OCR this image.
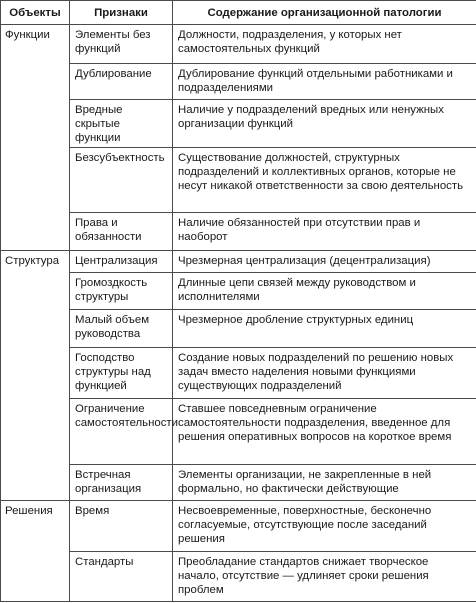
Объекты	Признаки	Содержание организационной патологии
Функции	Элементы без функций	Должности, подразделения, у которых нет самостоятельных функций
	Дублирование	Дублирование функций отдельными работниками и подразделениями
	Вредные скрытые функции	Наличие у подразделений вредных или ненужных организации функций
	Безсубъектность	Существование должностей, структурных подразделений и коллективных органов, которые не несут никакой ответственности за свою деятельность
	Права и обязанности	Наличие обязанностей при отсутствии прав и наоборот
Структура	Централизация	Чрезмерная централизация (децентрализация)
	Громоздкость структуры	Длинные цепи связей между руководством и исполнителями
	Малый объем руководства	Чрезмерное дробление структурных единиц
	Господство структуры над функцией	Создание новых подразделений по решению новых задач вместо наделения новыми функциями существующих подразделений
	Ограничение самостоятельности	Ставшее повседневным ограничение самостоятельности подразделения, введенное для решения оперативных вопросов на короткое время
	Встречная организация	Элементы организации, не закрепленные в ней формально, но фактически действующие
Решения	Время	Несвоевременные, поверхностные, бесконечно согласуемые, отсутствующие после заседаний решения
	Стандарты	Преобладание стандартов снижает творческое начало, отсутствие — удлиняет сроки решения проблем
